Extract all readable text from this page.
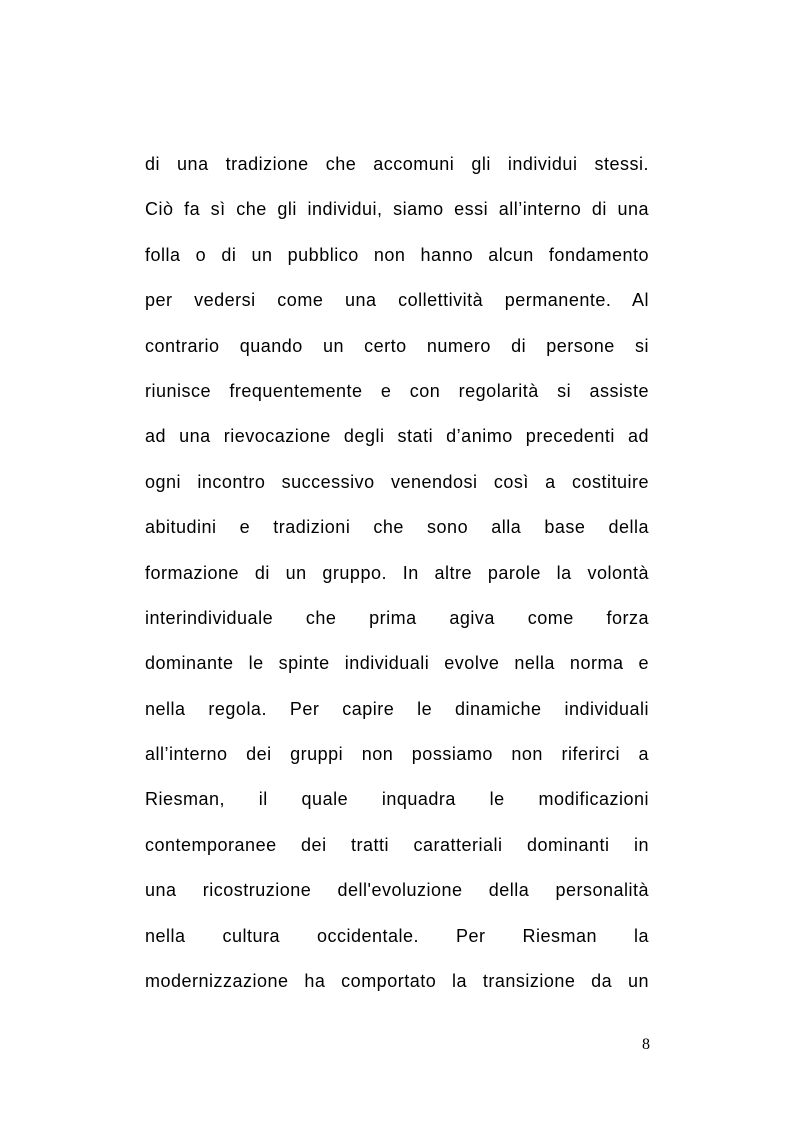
di una tradizione che accomuni gli individui stessi.
Ciò fa sì che gli individui, siamo essi all’interno di una
folla o di un pubblico non hanno alcun fondamento
per vedersi come una collettività permanente. Al
contrario quando un certo numero di persone si
riunisce frequentemente e con regolarità si assiste
ad una rievocazione degli stati d’animo precedenti ad
ogni incontro successivo venendosi così a costituire
abitudini e tradizioni che sono alla base della
formazione di un gruppo. In altre parole la volontà
interindividuale che prima agiva come forza
dominante le spinte individuali evolve nella norma e
nella regola. Per capire le dinamiche individuali
all’interno dei gruppi non possiamo non riferirci a
Riesman, il quale inquadra le modificazioni
contemporanee dei tratti caratteriali dominanti in
una ricostruzione dell'evoluzione della personalità
nella cultura occidentale. Per Riesman la
modernizzazione ha comportato la transizione da un
8
